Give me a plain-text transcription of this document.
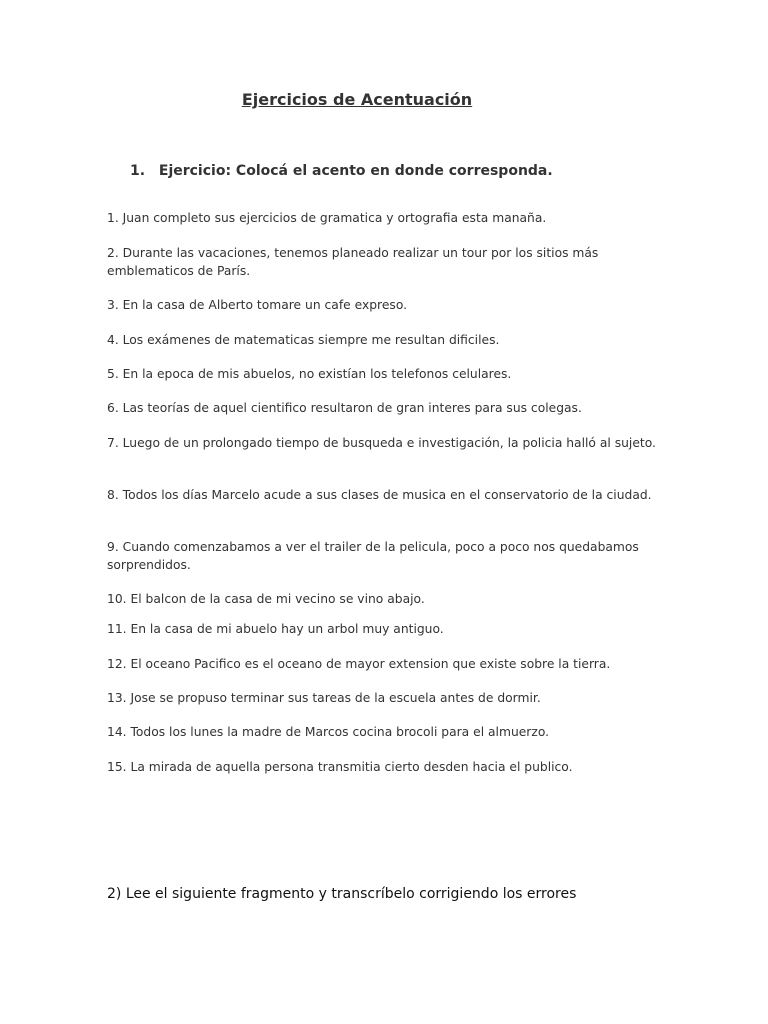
Ejercicios de Acentuación
1. Ejercicio: Colocá el acento en donde corresponda.
1. Juan completo sus ejercicios de gramatica y ortografia esta manaña.
2. Durante las vacaciones, tenemos planeado realizar un tour por los sitios más emblematicos de París.
3. En la casa de Alberto tomare un cafe expreso.
4. Los exámenes de matematicas siempre me resultan dificiles.
5. En la epoca de mis abuelos, no existían los telefonos celulares.
6. Las teorías de aquel cientifico resultaron de gran interes para sus colegas.
7. Luego de un prolongado tiempo de busqueda e investigación, la policia halló al sujeto.
8. Todos los días Marcelo acude a sus clases de musica en el conservatorio de la ciudad.
9. Cuando comenzabamos a ver el trailer de la pelicula, poco a poco nos quedabamos sorprendidos.
10. El balcon de la casa de mi vecino se vino abajo.
11. En la casa de mi abuelo hay un arbol muy antiguo.
12. El oceano Pacifico es el oceano de mayor extension que existe sobre la tierra.
13. Jose se propuso terminar sus tareas de la escuela antes de dormir.
14. Todos los lunes la madre de Marcos cocina brocoli para el almuerzo.
15. La mirada de aquella persona transmitia cierto desden hacia el publico.

2) Lee el siguiente fragmento y transcríbelo corrigiendo los errores
